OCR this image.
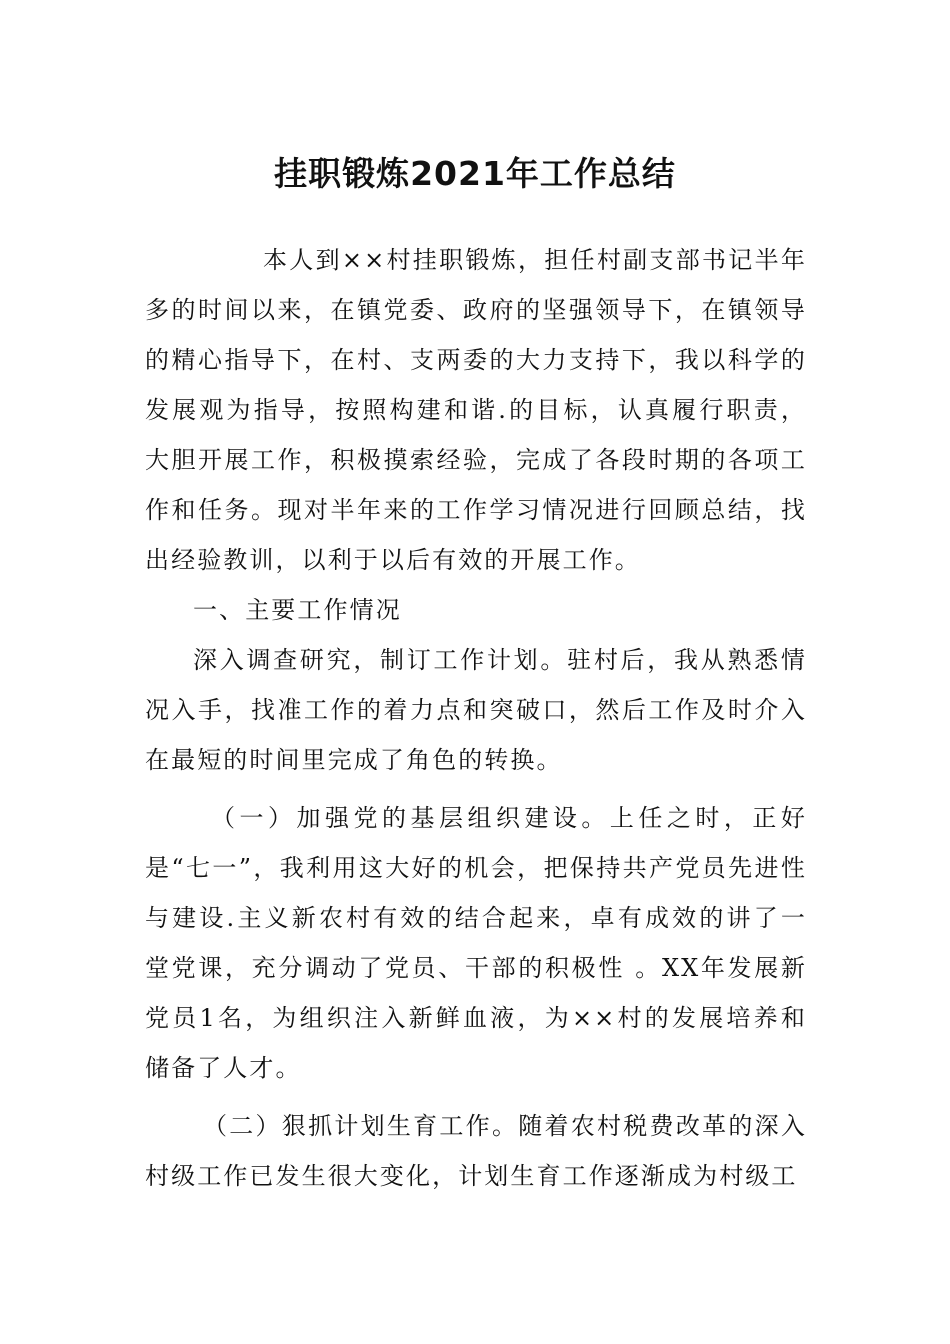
挂职锻炼2021年工作总结

本人到××村挂职锻炼，担任村副支部书记半年多的时间以来，在镇党委、政府的坚强领导下，在镇领导的精心指导下，在村、支两委的大力支持下，我以科学的发展观为指导，按照构建和谐.的目标，认真履行职责，大胆开展工作，积极摸索经验，完成了各段时期的各项工作和任务。现对半年来的工作学习情况进行回顾总结，找出经验教训，以利于以后有效的开展工作。

一、主要工作情况

深入调查研究，制订工作计划。驻村后，我从熟悉情况入手，找准工作的着力点和突破口，然后工作及时介入在最短的时间里完成了角色的转换。

（一）加强党的基层组织建设。上任之时，正好是“七一”，我利用这大好的机会，把保持共产党员先进性与建设.主义新农村有效的结合起来，卓有成效的讲了一堂党课，充分调动了党员、干部的积极性 。XX年发展新党员1名，为组织注入新鲜血液，为××村的发展培养和储备了人才。

（二）狠抓计划生育工作。随着农村税费改革的深入村级工作已发生很大变化，计划生育工作逐渐成为村级工
